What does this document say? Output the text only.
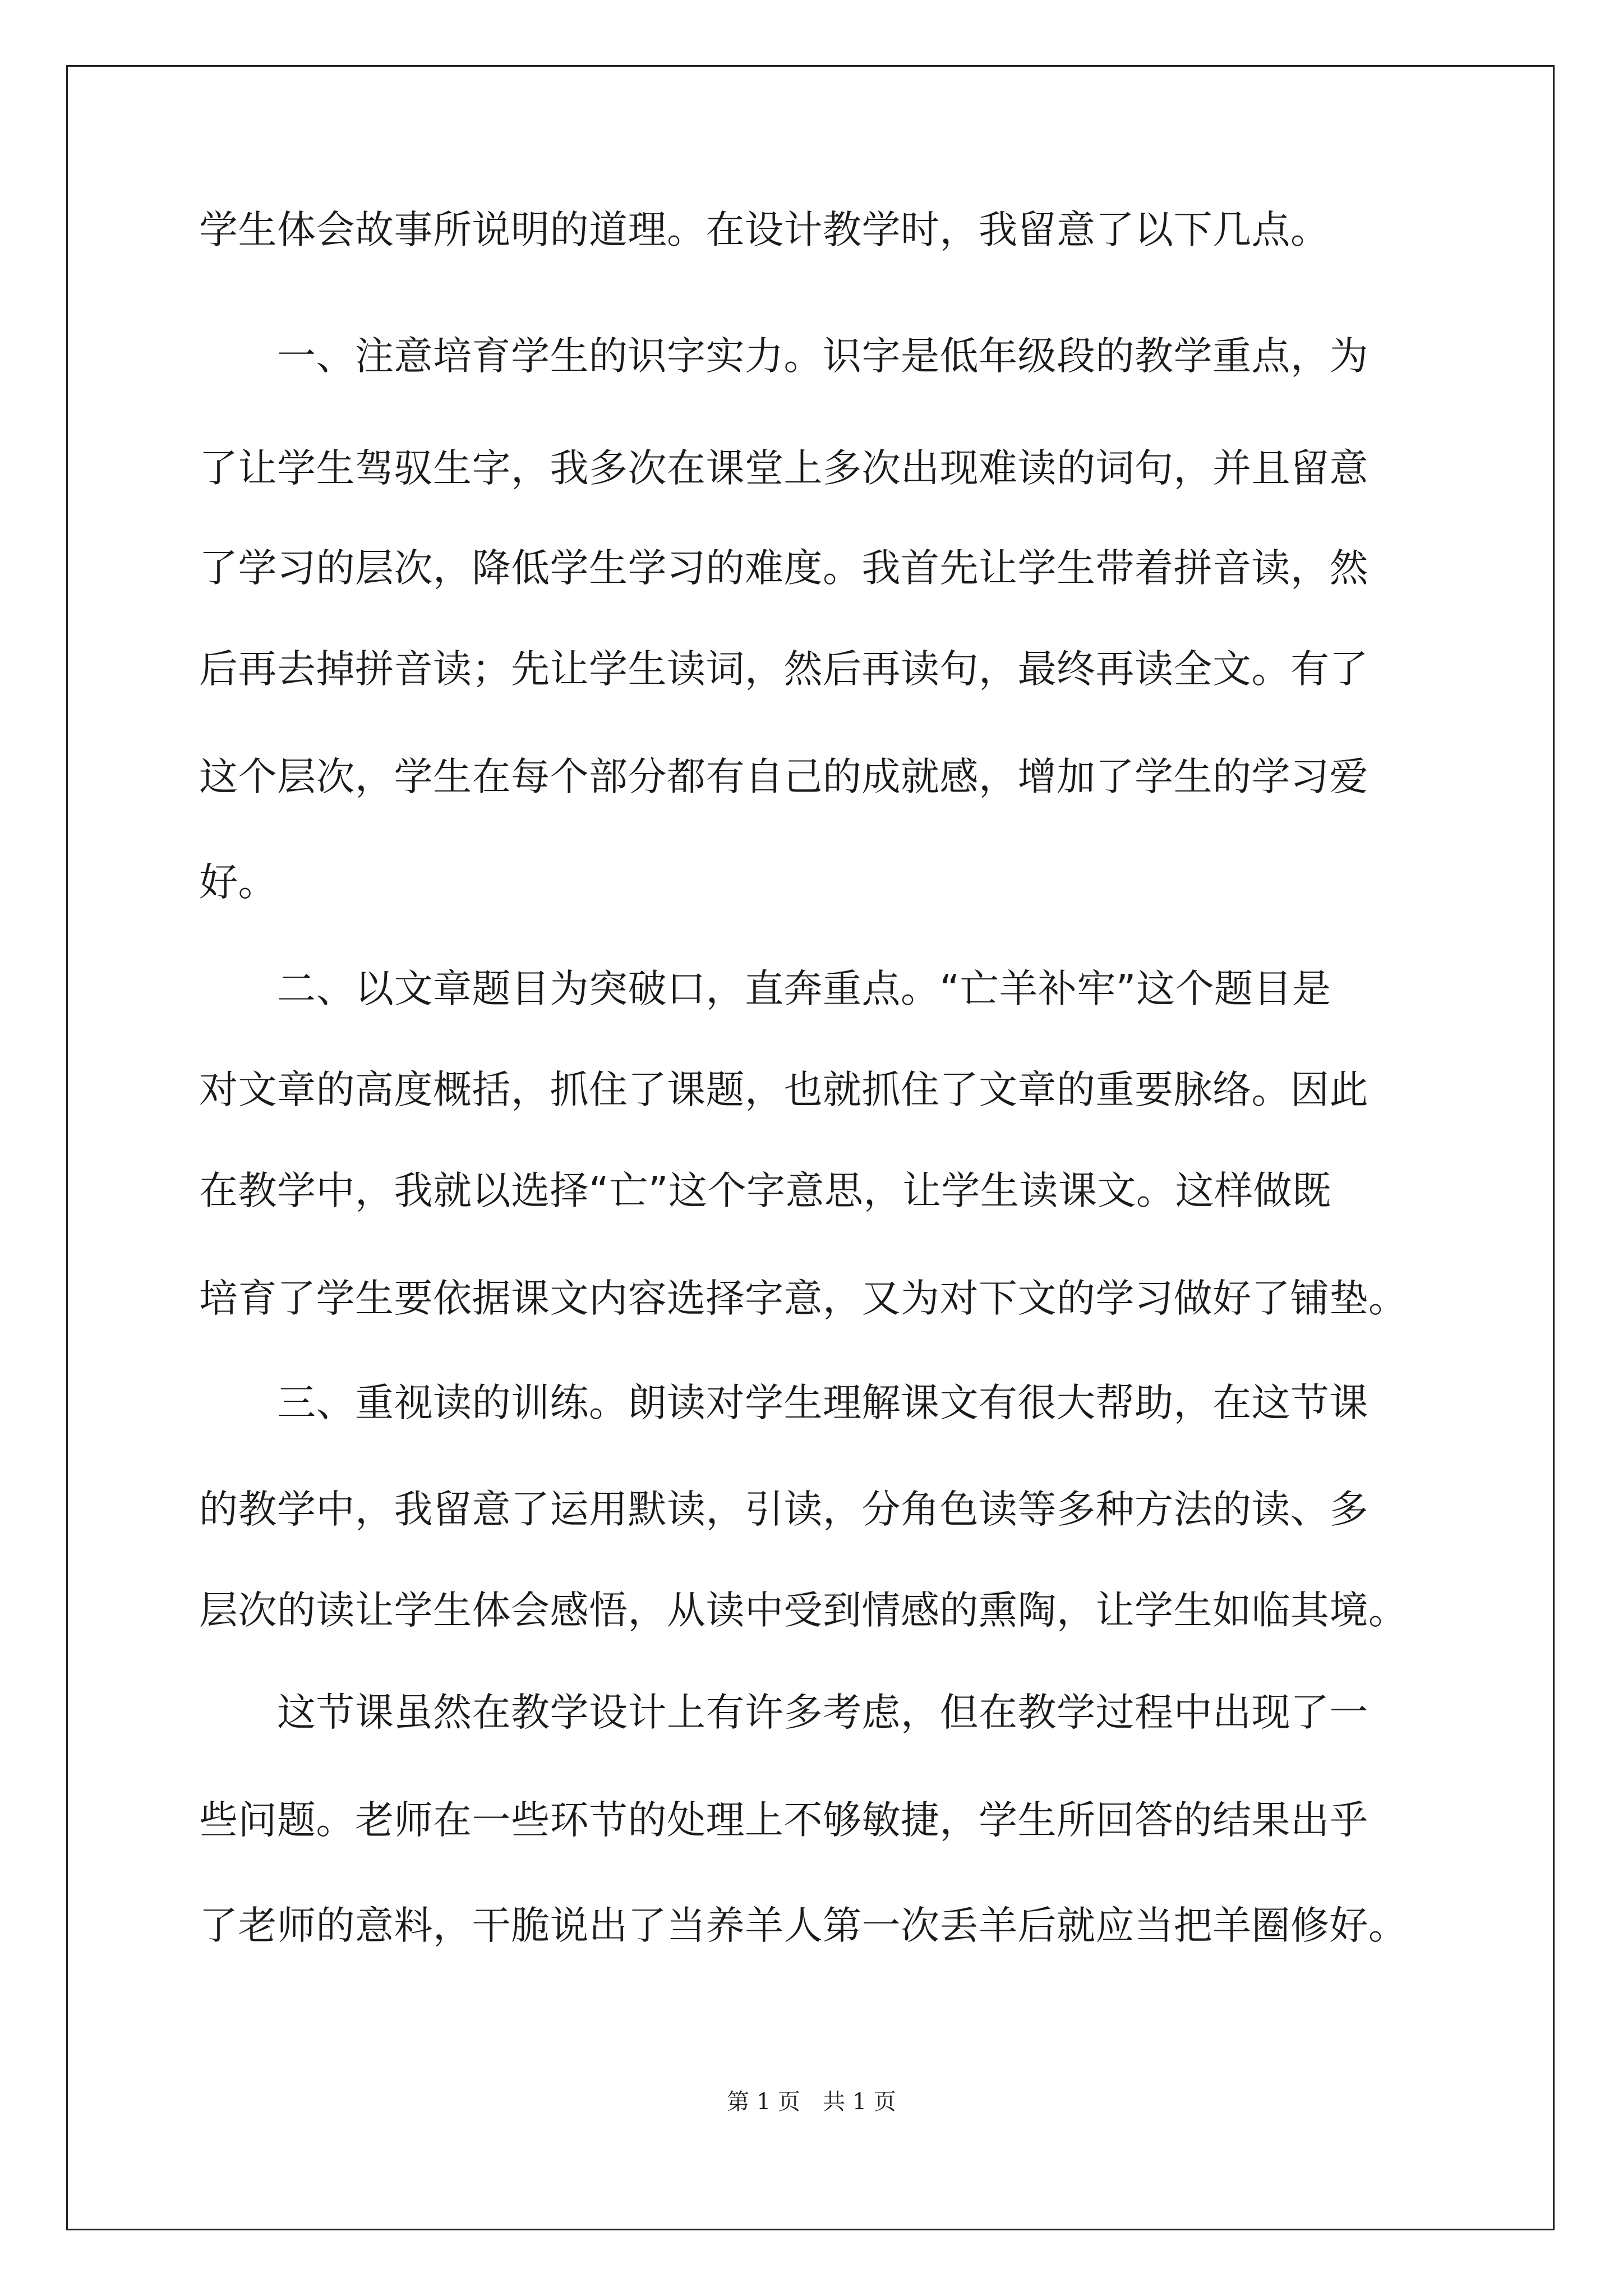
学生体会故事所说明的道理。在设计教学时，我留意了以下几点。
　　一、注意培育学生的识字实力。识字是低年级段的教学重点，为
了让学生驾驭生字，我多次在课堂上多次出现难读的词句，并且留意
了学习的层次，降低学生学习的难度。我首先让学生带着拼音读，然
后再去掉拼音读；先让学生读词，然后再读句，最终再读全文。有了
这个层次，学生在每个部分都有自己的成就感，增加了学生的学习爱
好。
　　二、以文章题目为突破口，直奔重点。“亡羊补牢”这个题目是
对文章的高度概括，抓住了课题，也就抓住了文章的重要脉络。因此
在教学中，我就以选择“亡”这个字意思，让学生读课文。这样做既
培育了学生要依据课文内容选择字意，又为对下文的学习做好了铺垫。
　　三、重视读的训练。朗读对学生理解课文有很大帮助，在这节课
的教学中，我留意了运用默读，引读，分角色读等多种方法的读、多
层次的读让学生体会感悟，从读中受到情感的熏陶，让学生如临其境。
　　这节课虽然在教学设计上有许多考虑，但在教学过程中出现了一
些问题。老师在一些环节的处理上不够敏捷，学生所回答的结果出乎
了老师的意料，干脆说出了当养羊人第一次丢羊后就应当把羊圈修好。
第 1 页　共 1 页
